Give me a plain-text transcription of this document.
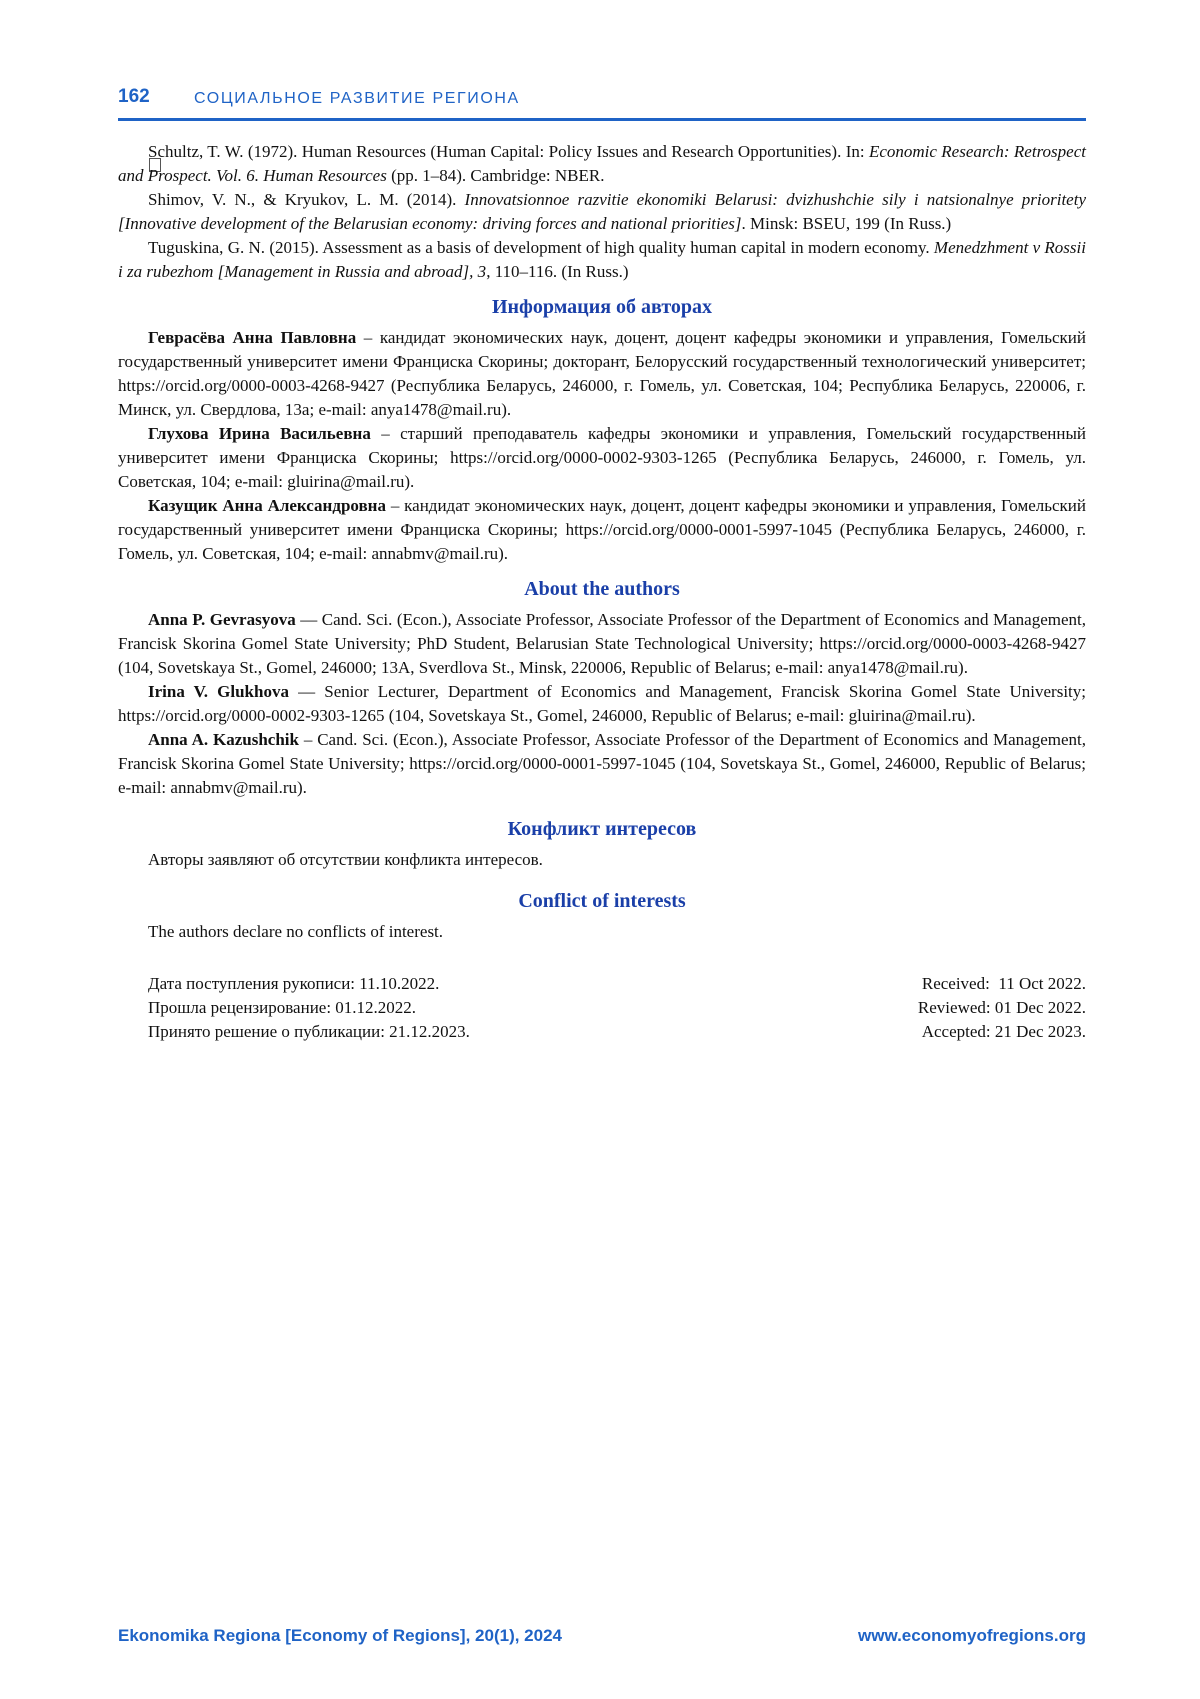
162	СОЦИАЛЬНОЕ РАЗВИТИЕ РЕГИОНА

Schultz, T. W. (1972). Human Resources (Human Capital: Policy Issues and Research Opportunities). In: Economic Research: Retrospect and Prospect. Vol. 6. Human Resources (pp. 1–84). Cambridge: NBER.

Shimov, V. N., & Kryukov, L. M. (2014). Innovatsionnoe razvitie ekonomiki Belarusi: dvizhushchie sily i natsionalnye prioritety [Innovative development of the Belarusian economy: driving forces and national priorities]. Minsk: BSEU, 199 (In Russ.)

Tuguskina, G. N. (2015). Assessment as a basis of development of high quality human capital in modern economy. Menedzhment v Rossii i za rubezhom [Management in Russia and abroad], 3, 110–116. (In Russ.)

Информация об авторах

Геврасёва Анна Павловна – кандидат экономических наук, доцент, доцент кафедры экономики и управления, Гомельский государственный университет имени Франциска Скорины; докторант, Белорусский государственный технологический университет; https://orcid.org/0000-0003-4268-9427 (Республика Беларусь, 246000, г. Гомель, ул. Советская, 104; Республика Беларусь, 220006, г. Минск, ул. Свердлова, 13а; e-mail: anya1478@mail.ru).

Глухова Ирина Васильевна – старший преподаватель кафедры экономики и управления, Гомельский государственный университет имени Франциска Скорины; https://orcid.org/0000-0002-9303-1265 (Республика Беларусь, 246000, г. Гомель, ул. Советская, 104; e-mail: gluirina@mail.ru).

Казущик Анна Александровна – кандидат экономических наук, доцент, доцент кафедры экономики и управления, Гомельский государственный университет имени Франциска Скорины; https://orcid.org/0000-0001-5997-1045 (Республика Беларусь, 246000, г. Гомель, ул. Советская, 104; e-mail: annabmv@mail.ru).

About the authors

Anna P. Gevrasyova — Cand. Sci. (Econ.), Associate Professor, Associate Professor of the Department of Economics and Management, Francisk Skorina Gomel State University; PhD Student, Belarusian State Technological University; https://orcid.org/0000-0003-4268-9427 (104, Sovetskaya St., Gomel, 246000; 13A, Sverdlova St., Minsk, 220006, Republic of Belarus; e-mail: anya1478@mail.ru).

Irina V. Glukhova — Senior Lecturer, Department of Economics and Management, Francisk Skorina Gomel State University; https://orcid.org/0000-0002-9303-1265 (104, Sovetskaya St., Gomel, 246000, Republic of Belarus; e-mail: gluirina@mail.ru).

Anna A. Kazushchik – Cand. Sci. (Econ.), Associate Professor, Associate Professor of the Department of Economics and Management, Francisk Skorina Gomel State University; https://orcid.org/0000-0001-5997-1045 (104, Sovetskaya St., Gomel, 246000, Republic of Belarus; e-mail: annabmv@mail.ru).

Конфликт интересов

Авторы заявляют об отсутствии конфликта интересов.

Conflict of interests

The authors declare no conflicts of interest.

Дата поступления рукописи: 11.10.2022.
Прошла рецензирование: 01.12.2022.
Принято решение о публикации: 21.12.2023.
Received:  11 Oct 2022.
Reviewed: 01 Dec 2022.
Accepted: 21 Dec 2023.
Ekonomika Regiona [Economy of Regions], 20(1), 2024	www.economyofregions.org
